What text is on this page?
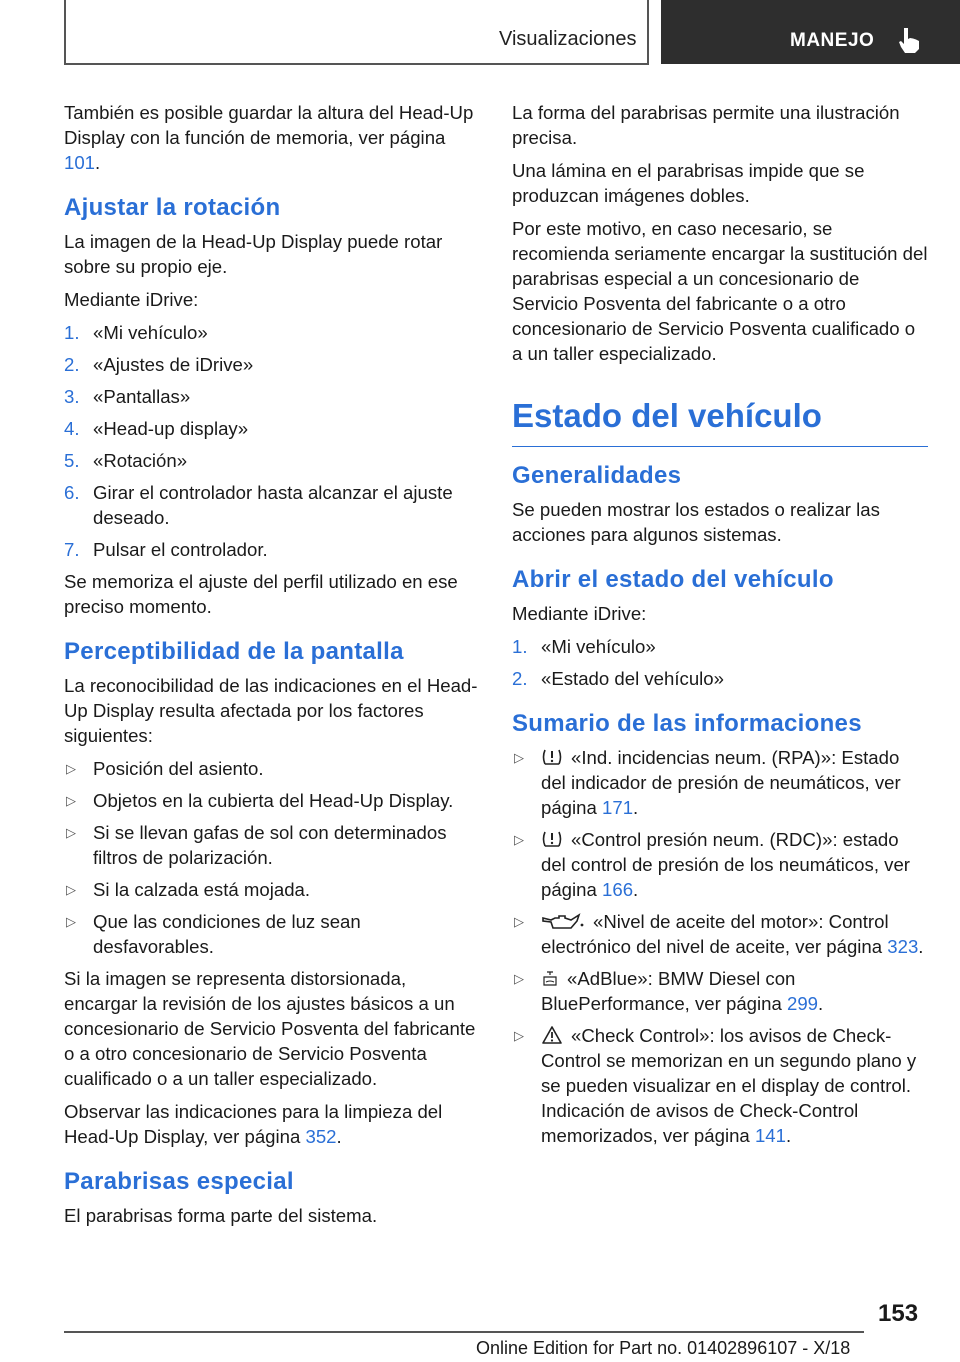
Visualizaciones	MANEJO

También es posible guardar la altura del Head-Up Display con la función de memoria, ver página 101.

Ajustar la rotación

La imagen de la Head-Up Display puede rotar sobre su propio eje.

Mediante iDrive:

1. «Mi vehículo»
2. «Ajustes de iDrive»
3. «Pantallas»
4. «Head-up display»
5. «Rotación»
6. Girar el controlador hasta alcanzar el ajuste deseado.
7. Pulsar el controlador.

Se memoriza el ajuste del perfil utilizado en ese preciso momento.

Perceptibilidad de la pantalla

La reconocibilidad de las indicaciones en el Head-Up Display resulta afectada por los factores siguientes:

▷ Posición del asiento.
▷ Objetos en la cubierta del Head-Up Display.
▷ Si se llevan gafas de sol con determinados filtros de polarización.
▷ Si la calzada está mojada.
▷ Que las condiciones de luz sean desfavorables.

Si la imagen se representa distorsionada, encargar la revisión de los ajustes básicos a un concesionario de Servicio Posventa del fabricante o a otro concesionario de Servicio Posventa cualificado o a un taller especializado.

Observar las indicaciones para la limpieza del Head-Up Display, ver página 352.

Parabrisas especial

El parabrisas forma parte del sistema.

La forma del parabrisas permite una ilustración precisa.

Una lámina en el parabrisas impide que se produzcan imágenes dobles.

Por este motivo, en caso necesario, se recomienda seriamente encargar la sustitución del parabrisas especial a un concesionario de Servicio Posventa del fabricante o a otro concesionario de Servicio Posventa cualificado o a un taller especializado.

Estado del vehículo
Generalidades

Se pueden mostrar los estados o realizar las acciones para algunos sistemas.

Abrir el estado del vehículo

Mediante iDrive:

1. «Mi vehículo»
2. «Estado del vehículo»
Sumario de las informaciones
▷	«Ind. incidencias neum. (RPA)»: Estado del indicador de presión de neumáticos, ver página 171.
▷	«Control presión neum. (RDC)»: estado del control de presión de los neumáticos, ver página 166.
▷	«Nivel de aceite del motor»: Control electrónico del nivel de aceite, ver página 323.
▷ «AdBlue»: BMW Diesel con BluePerformance, ver página 299.
▷	«Check Control»: los avisos de Check-Control se memorizan en un segundo plano y se pueden visualizar en el display de control. Indicación de avisos de Check-Control memorizados, ver página 141.
153
Online Edition for Part no. 01402896107 - X/18
